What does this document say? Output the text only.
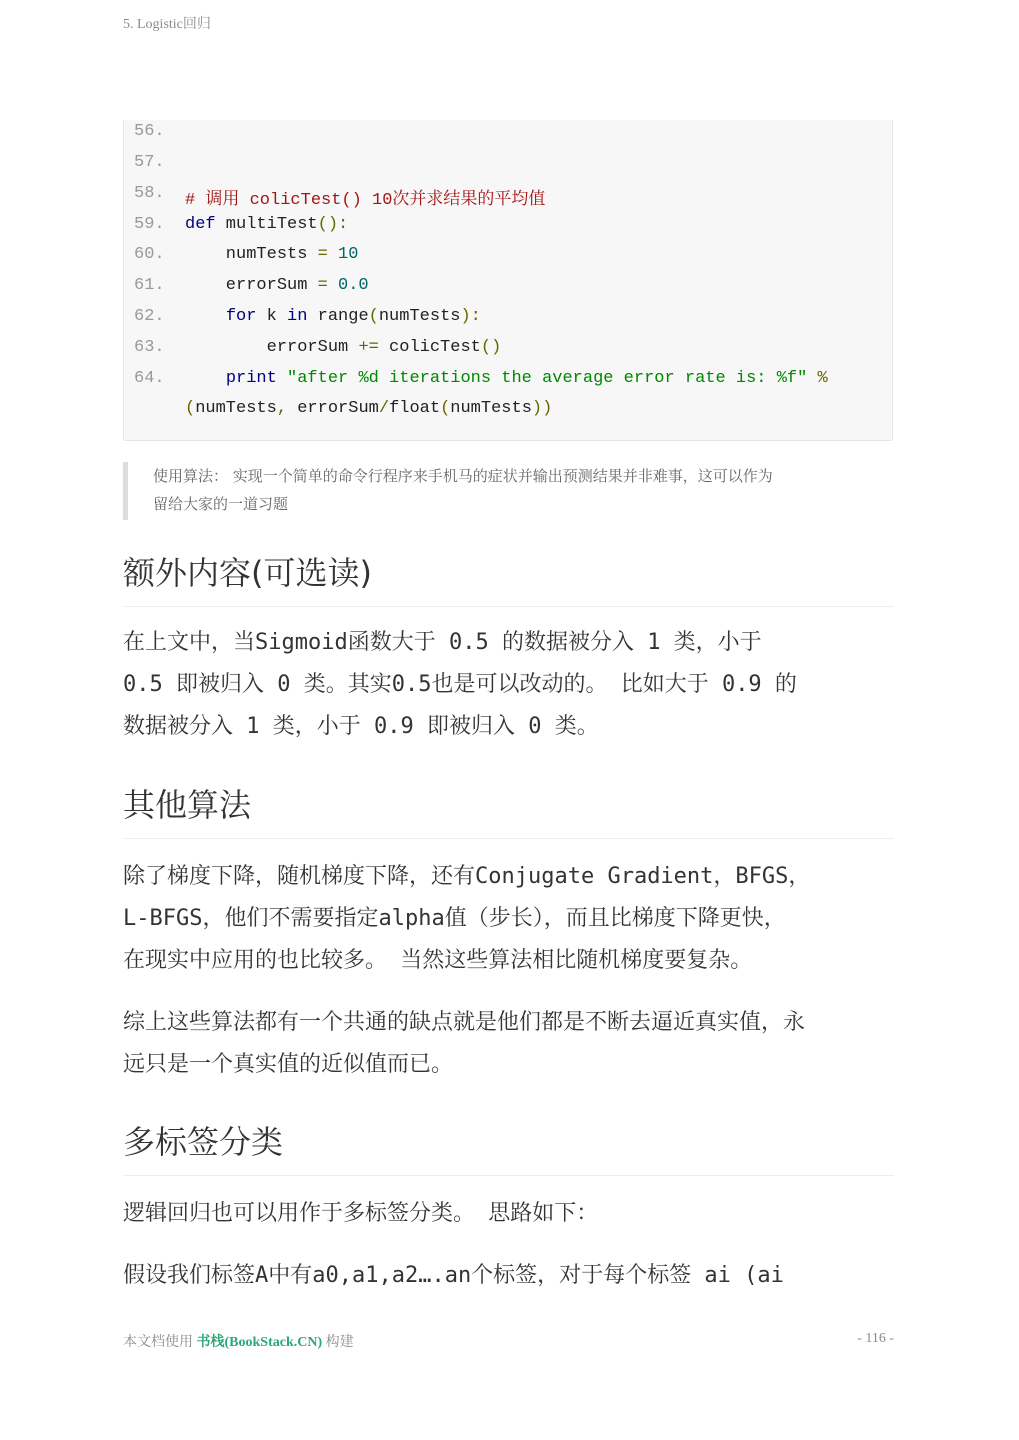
5. Logistic回归
56.
57.
58.	# 调用 colicTest() 10次并求结果的平均值
59.	def multiTest():
60.	numTests = 10
61.	errorSum = 0.0
62.	for k in range(numTests):
63.	errorSum += colicTest()
64.	print "after %d iterations the average error rate is: %f" %
(numTests, errorSum/float(numTests))

使用算法： 实现一个简单的命令行程序来手机马的症状并输出预测结果并非难事，这可以作为

留给大家的一道习题

额外内容(可选读)
在上文中，当Sigmoid函数大于 0.5 的数据被分入 1 类，小于
0.5 即被归入 0 类。其实0.5也是可以改动的。 比如大于 0.9 的
数据被分入 1 类，小于 0.9 即被归入 0 类。
其他算法
除了梯度下降，随机梯度下降，还有Conjugate Gradient，BFGS，
L-BFGS，他们不需要指定alpha值（步长），而且比梯度下降更快，
在现实中应用的也比较多。 当然这些算法相比随机梯度要复杂。
综上这些算法都有一个共通的缺点就是他们都是不断去逼近真实值，永
远只是一个真实值的近似值而已。
多标签分类
逻辑回归也可以用作于多标签分类。 思路如下：
假设我们标签A中有a0,a1,a2….an个标签，对于每个标签 ai (ai
本文档使用 书栈(BookStack.CN) 构建	- 116 -
